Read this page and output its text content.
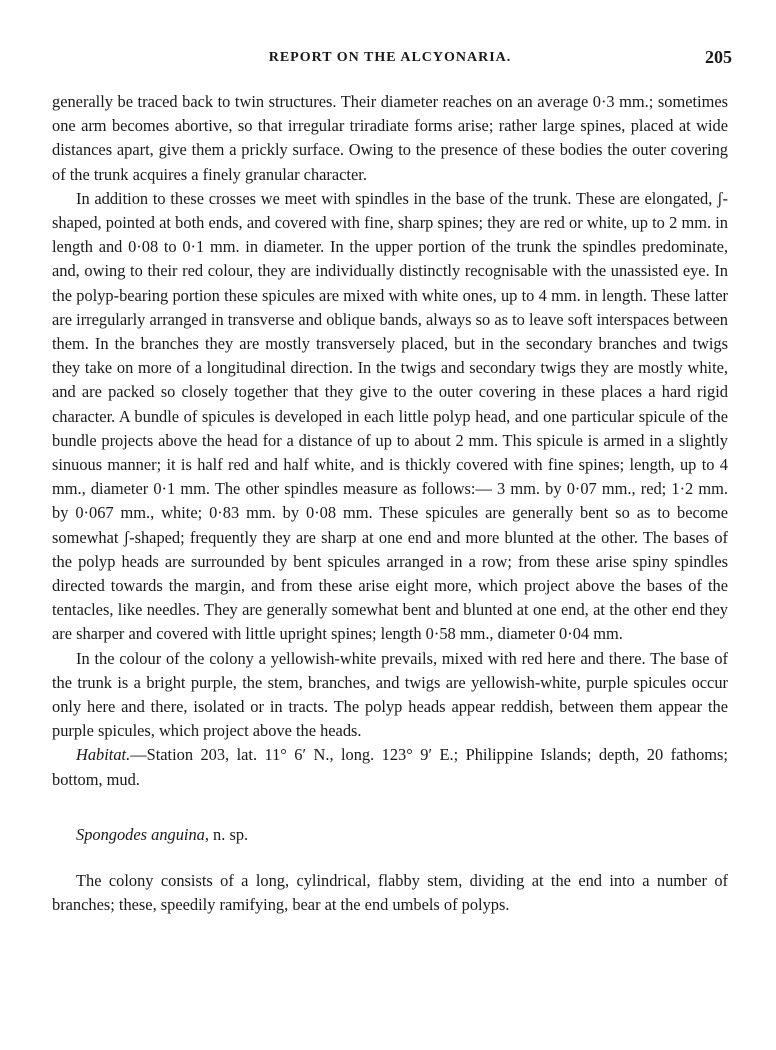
REPORT ON THE ALCYONARIA.	205

generally be traced back to twin structures. Their diameter reaches on an average 0·3 mm.; sometimes one arm becomes abortive, so that irregular triradiate forms arise; rather large spines, placed at wide distances apart, give them a prickly surface. Owing to the presence of these bodies the outer covering of the trunk acquires a finely granular character.

In addition to these crosses we meet with spindles in the base of the trunk. These are elongated, ʃ-shaped, pointed at both ends, and covered with fine, sharp spines; they are red or white, up to 2 mm. in length and 0·08 to 0·1 mm. in diameter. In the upper portion of the trunk the spindles predominate, and, owing to their red colour, they are individually distinctly recognisable with the unassisted eye. In the polyp-bearing portion these spicules are mixed with white ones, up to 4 mm. in length. These latter are irregularly arranged in transverse and oblique bands, always so as to leave soft interspaces between them. In the branches they are mostly transversely placed, but in the secondary branches and twigs they take on more of a longitudinal direction. In the twigs and secondary twigs they are mostly white, and are packed so closely together that they give to the outer covering in these places a hard rigid character. A bundle of spicules is developed in each little polyp head, and one particular spicule of the bundle projects above the head for a distance of up to about 2 mm. This spicule is armed in a slightly sinuous manner; it is half red and half white, and is thickly covered with fine spines; length, up to 4 mm., diameter 0·1 mm. The other spindles measure as follows:— 3 mm. by 0·07 mm., red; 1·2 mm. by 0·067 mm., white; 0·83 mm. by 0·08 mm. These spicules are generally bent so as to become somewhat ʃ-shaped; frequently they are sharp at one end and more blunted at the other. The bases of the polyp heads are surrounded by bent spicules arranged in a row; from these arise spiny spindles directed towards the margin, and from these arise eight more, which project above the bases of the tentacles, like needles. They are generally somewhat bent and blunted at one end, at the other end they are sharper and covered with little upright spines; length 0·58 mm., diameter 0·04 mm.

In the colour of the colony a yellowish-white prevails, mixed with red here and there. The base of the trunk is a bright purple, the stem, branches, and twigs are yellowish-white, purple spicules occur only here and there, isolated or in tracts. The polyp heads appear reddish, between them appear the purple spicules, which project above the heads.

Habitat.—Station 203, lat. 11° 6′ N., long. 123° 9′ E.; Philippine Islands; depth, 20 fathoms; bottom, mud.

Spongodes anguina, n. sp.

The colony consists of a long, cylindrical, flabby stem, dividing at the end into a number of branches; these, speedily ramifying, bear at the end umbels of polyps.
